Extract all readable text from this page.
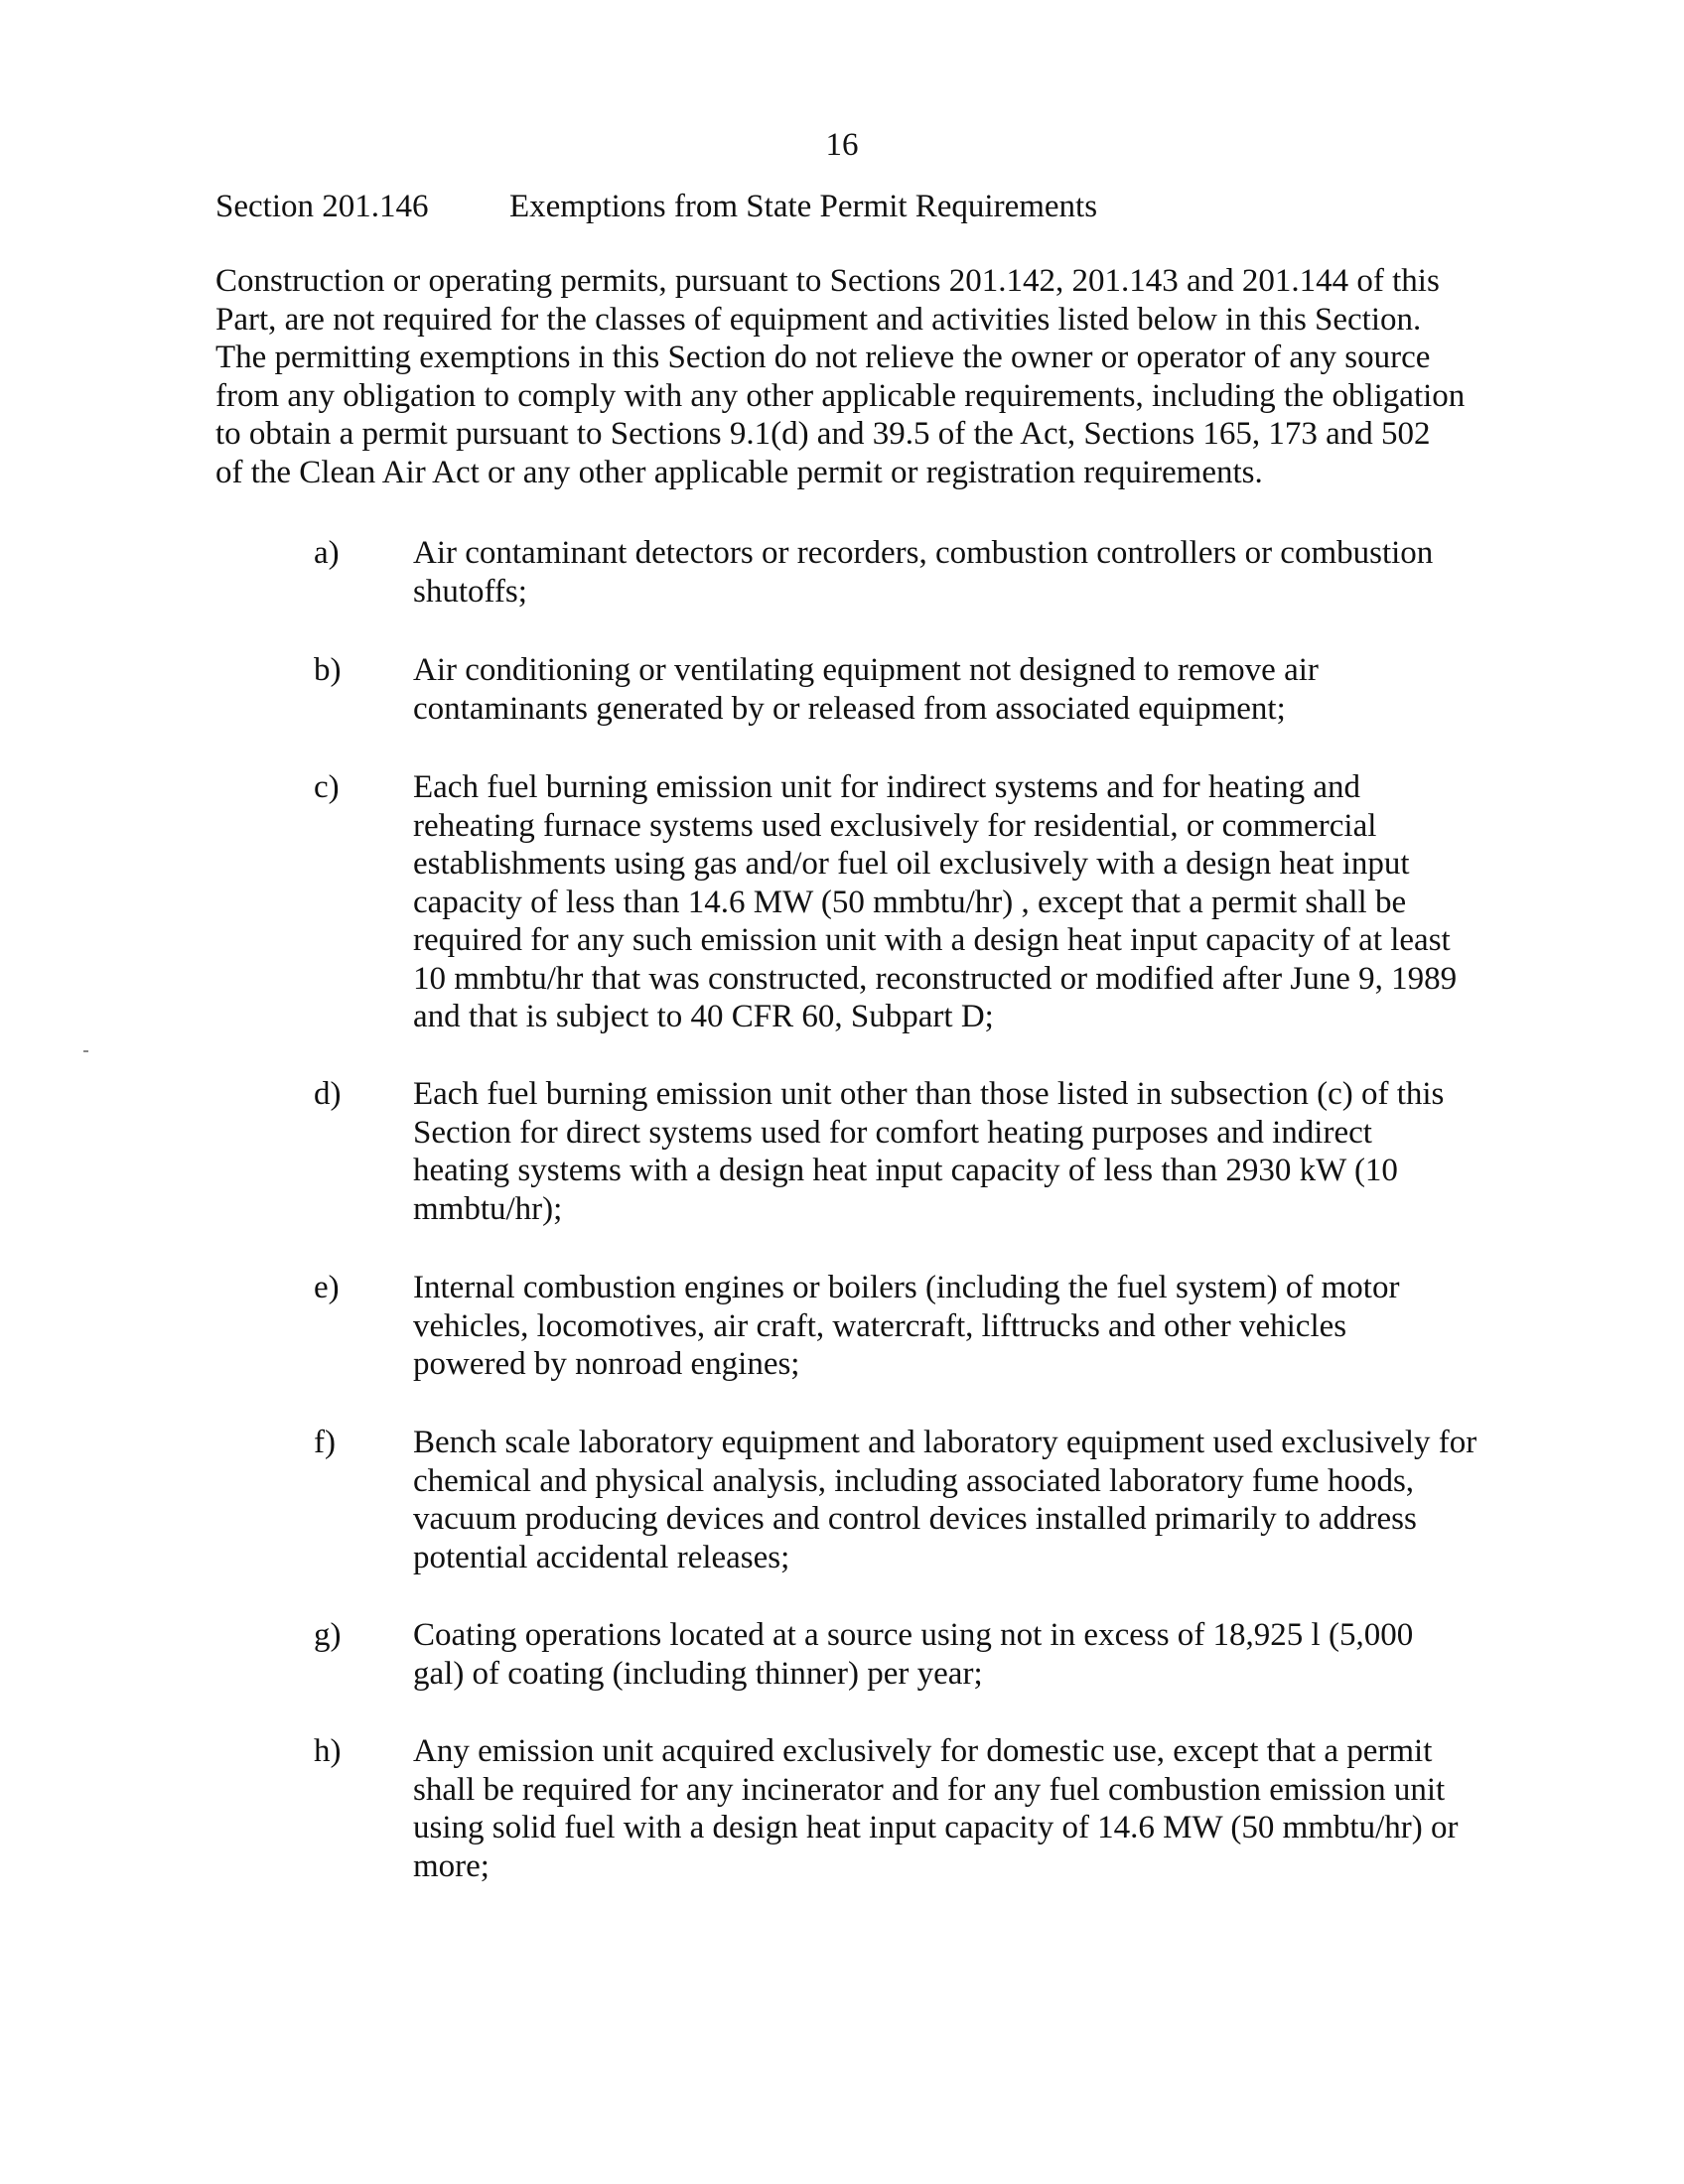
16
Section 201.146 Exemptions from State Permit Requirements
Construction or operating permits, pursuant to Sections 201.142, 201.143 and 201.144 of this
Part, are not required for the classes of equipment and activities listed below in this Section.
The permitting exemptions in this Section do not relieve the owner or operator of any source
from any obligation to comply with any other applicable requirements, including the obligation
to obtain a permit pursuant to Sections 9.1(d) and 39.5 of the Act, Sections 165, 173 and 502
of the Clean Air Act or any other applicable permit or registration requirements.
a) Air contaminant detectors or recorders, combustion controllers or combustion
shutoffs;
b) Air conditioning or ventilating equipment not designed to remove air
contaminants generated by or released from associated equipment;
c) Each fuel burning emission unit for indirect systems and for heating and
reheating furnace systems used exclusively for residential, or commercial
establishments using gas and/or fuel oil exclusively with a design heat input
capacity of less than 14.6 MW (50 mmbtu/hr) , except that a permit shall be
required for any such emission unit with a design heat input capacity of at least
10 mmbtu/hr that was constructed, reconstructed or modified after June 9, 1989
and that is subject to 40 CFR 60, Subpart D;
d) Each fuel burning emission unit other than those listed in subsection (c) of this
Section for direct systems used for comfort heating purposes and indirect
heating systems with a design heat input capacity of less than 2930 kW (10
mmbtu/hr);
e) Internal combustion engines or boilers (including the fuel system) of motor
vehicles, locomotives, air craft, watercraft, lifttrucks and other vehicles
powered by nonroad engines;
f) Bench scale laboratory equipment and laboratory equipment used exclusively for
chemical and physical analysis, including associated laboratory fume hoods,
vacuum producing devices and control devices installed primarily to address
potential accidental releases;
g) Coating operations located at a source using not in excess of 18,925 l (5,000
gal) of coating (including thinner) per year;
h) Any emission unit acquired exclusively for domestic use, except that a permit
shall be required for any incinerator and for any fuel combustion emission unit
using solid fuel with a design heat input capacity of 14.6 MW (50 mmbtu/hr) or
more;
